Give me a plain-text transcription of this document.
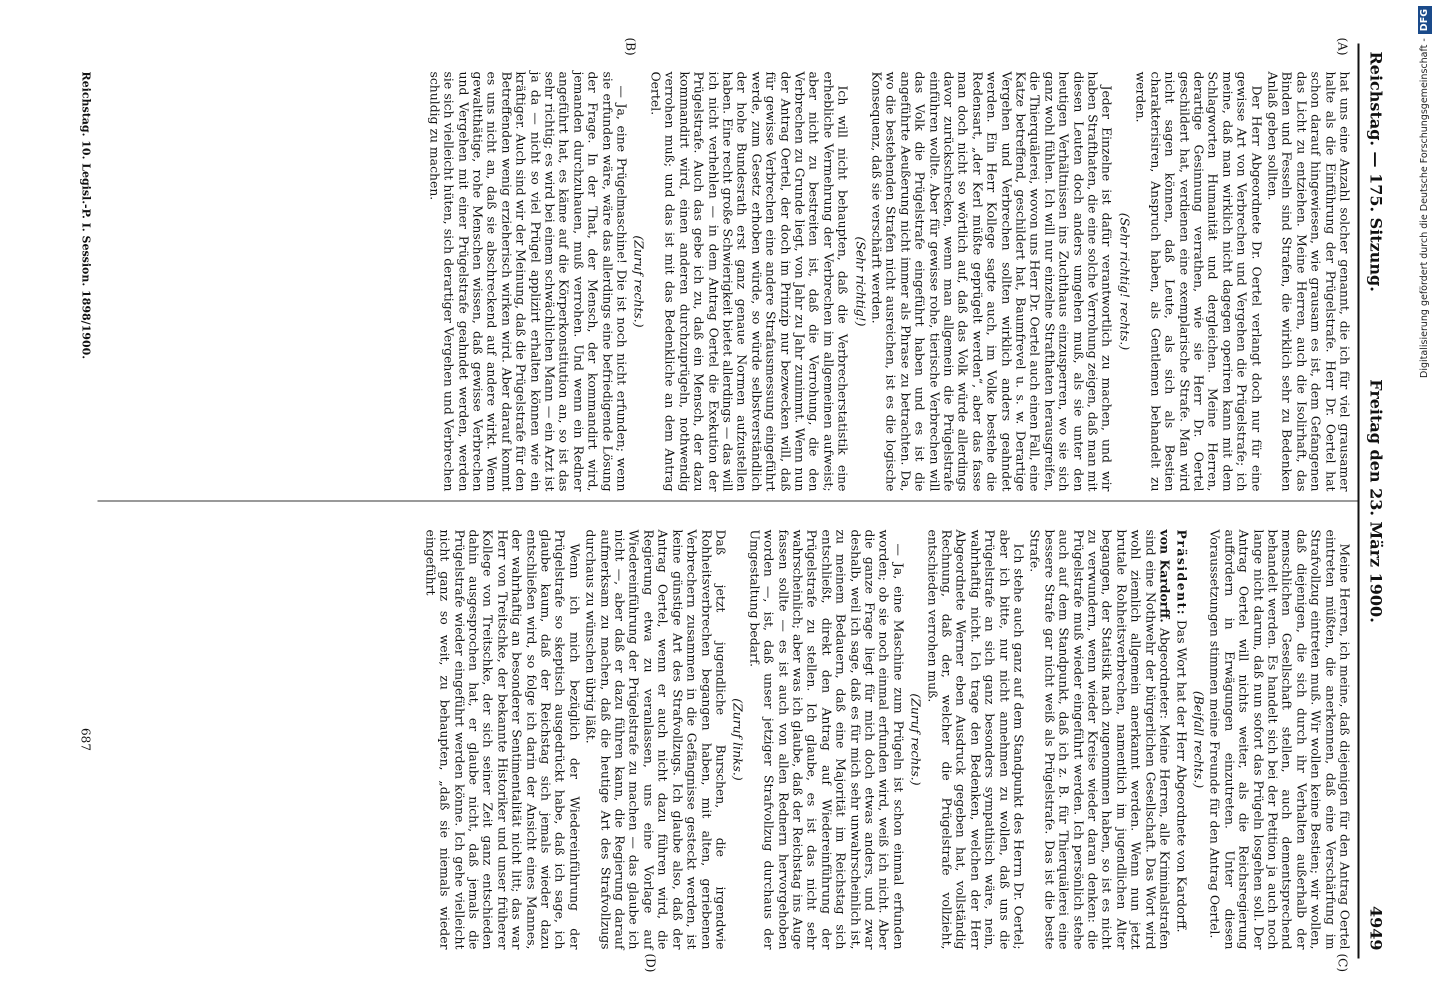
Reichstag. — 175. Sitzung.
Freitag den 23. März 1900.
4949
(A)
(B)
(C)
(D)

hat uns eine Anzahl solcher genannt, die ich für viel grausamer halte als die Einführung der Prügelstrafe. Herr Dr. Oertel hat schon darauf hingewiesen, wie grausam es ist, dem Gefangenen das Licht zu entziehen. Meine Herren, auch die Isolirhaft, das Binden und Fesseln sind Strafen, die wirklich sehr zu Bedenken Anlaß geben sollten.

Der Herr Abgeordnete Dr. Oertel verlangt doch nur für eine gewisse Art von Verbrechen und Vergehen die Prügelstrafe; ich meine, daß man wirklich nicht dagegen operiren kann mit dem Schlagworten Humanität und dergleichen. Meine Herren, derartige Gesinnung verrathen, wie sie Herr Dr. Oertel geschildert hat, verdienen eine exemplarische Strafe. Man wird nicht sagen können, daß Leute, als sich als Bestien charakterisiren, Anspruch haben, als Gentlemen behandelt zu werden.

(Sehr richtig! rechts.)

Jeder Einzelne ist dafür verantwortlich zu machen, und wir haben Strafthaten, die eine solche Verrohung zeigen, daß man mit diesen Leuten doch anders umgehen muß, als sie unter den heutigen Verhältnissen ins Zuchthaus einzusperren, wo sie sich ganz wohl fühlen. Ich will nur einzelne Strafthaten herausgreifen, die Thierquälerei, wovon uns Herr Dr. Oertel auch einen Fall, eine Katze betreffend, geschildert hat, Baumfrevel u. s. w. Derartige Vergehen und Verbrechen sollten wirklich anders geahndet werden. Ein Herr Kollege sagte auch, im Volke bestehe die Redensart, „der Kerl müßte geprügelt werden“, aber das fasse man doch nicht so wörtlich auf, daß das Volk würde allerdings davor zurückschrecken, wenn man allgemein die Prügelstrafe einführen wollte. Aber für gewisse rohe, tierische Verbrechen will das Volk die Prügelstrafe eingeführt haben und es ist die angeführte Aeußerung nicht immer als Phrase zu betrachten. Da, wo die bestehenden Strafen nicht ausreichen, ist es die logische Konsequenz, daß sie verschärft werden.

(Sehr richtig!)

Ich will nicht behaupten, daß die Verbrecherstatistik eine erhebliche Vermehrung der Verbrechen im allgemeinen aufweist; aber nicht zu bestreiten ist, daß die Verrohung, die den Verbrechen zu Grunde liegt, von Jahr zu Jahr zunimmt. Wenn nun der Antrag Oertel, der doch im Prinzip nur bezwecken will, daß für gewisse Verbrechen eine andere Strafausmessung eingeführt werde, zum Gesetz erhoben würde, so würde selbstverständlich der hohe Bundesrath erst ganz genaue Normen aufzustellen haben. Eine recht große Schwierigkeit bietet allerdings — das will ich nicht verhehlen — in dem Antrag Oertel die Exekution der Prügelstrafe. Auch das gebe ich zu, daß ein Mensch, der dazu kommandirt wird, einen anderen durchzuprügeln, nothwendig verrohen muß; und das ist mit das Bedenkliche an dem Antrag Oertel.

(Zuruf rechts.)

— Ja, eine Prügelmaschine! Die ist noch nicht erfunden; wenn sie erfunden wäre, wäre das allerdings eine befriedigende Lösung der Frage. In der That, der Mensch, der kommandirt wird, jemanden durchzuhauen, muß verrohen. Und wenn ein Redner angeführt hat, es käme auf die Körperkonstitution an, so ist das sehr richtig; es wird bei einem schwächlichen Mann — ein Arzt ist ja da — nicht so viel Prügel applizirt erhalten können wie ein kräftiger. Auch sind wir der Meinung, daß die Prügelstrafe für den Betreffenden wenig erzieherisch wirken wird. Aber darauf kommt es uns nicht an, daß sie abschreckend auf andere wirkt. Wenn gewaltthätige, rohe Menschen wissen, daß gewisse Verbrechen und Vergehen mit einer Prügelstrafe geahndet werden, werden sie sich vielleicht hüten, sich derartiger Vergehen und Verbrechen schuldig zu machen.

Meine Herren, ich meine, daß diejenigen für den Antrag Oertel eintreten müßten, die anerkennen, daß eine Verschärfung im Strafvollzug eintreten muß. Wir wollen keine Bestien; wir wollen, daß diejenigen, die sich durch ihr Verhalten außerhalb der menschlichen Gesellschaft stellen, auch dementsprechend behandelt werden. Es handelt sich bei der Petition ja auch noch lange nicht darum, daß nun sofort das Prügeln losgehen soll. Der Antrag Oertel will nichts weiter, als die Reichsregierung auffordern in Erwägungen einzutreten. Unter diesen Voraussetzungen stimmen meine Freunde für den Antrag Oertel.

(Beifall rechts.)

Präsident: Das Wort hat der Herr Abgeordnete von Kardorff.

von Kardorff. Abgeordneter: Meine Herren, alle Kriminalstrafen sind eine Nothwehr der bürgerlichen Gesellschaft. Das Wort wird wohl ziemlich allgemein anerkannt werden. Wenn nun jetzt brutale Rohheitsverbrechen, namentlich im jugendlichen Alter begangen, der Statistik nach zugenommen haben, so ist es nicht zu verwundern, wenn wieder Kreise wieder daran denken: die Prügelstrafe muß wieder eingeführt werden. Ich persönlich stehe auch auf dem Standpunkt, daß ich z. B. für Thierquälerei eine bessere Strafe gar nicht weiß als Prügelstrafe. Das ist die beste Strafe.

Ich stehe auch ganz auf dem Standpunkt des Herrn Dr. Oertel; aber ich bitte, nur nicht annehmen zu wollen, daß uns die Prügelstrafe an sich ganz besonders sympathisch wäre, nein, wahrhaftig nicht. Ich trage den Bedenken, welchen der Herr Abgeordnete Werner eben Ausdruck gegeben hat, vollständig Rechnung, daß der, welcher die Prügelstrafe vollzieht, entschieden verrohen muß.

(Zuruf rechts.)

— Ja, eine Maschine zum Prügeln ist schon einmal erfunden worden; ob sie noch einmal erfunden wird, weiß ich nicht. Aber die ganze Frage liegt für mich doch etwas anders, und zwar deshalb, weil ich sage, daß es für mich sehr unwahrscheinlich ist, zu meinem Bedauern, daß eine Majorität im Reichstag sich entschließt, direkt den Antrag auf Wiedereinführung der Prügelstrafe zu stellen. Ich glaube, es ist das nicht sehr wahrscheinlich; aber was ich glaube, daß der Reichstag ins Auge fassen sollte — es ist auch von allen Rednern hervorgehoben worden —, ist, daß unser jetziger Strafvollzug durchaus der Umgestaltung bedarf.

(Zuruf links.)

Daß jetzt jugendliche Burschen, die irgendwie Rohheitsverbrechen begangen haben, mit alten, geriebenen Verbrechern zusammen in die Gefängnisse gesteckt werden, ist keine günstige Art des Strafvollzugs. Ich glaube also, daß der Antrag Oertel, wenn er auch nicht dazu führen wird, die Regierung etwa zu veranlassen, uns eine Vorlage auf Wiedereinführung der Prügelstrafe zu machen — das glaube ich nicht —, aber daß er dazu führen kann, die Regierung darauf aufmerksam zu machen, daß die heutige Art des Strafvollzugs durchaus zu wünschen übrig läßt.

Wenn ich mich bezüglich der Wiedereinführung der Prügelstrafe so skeptisch ausgedrückt habe, daß ich sage, ich glaube kaum, daß der Reichstag sich jemals wieder dazu entschließen wird, so folge ich darin der Ansicht eines Mannes, der wahrhaftig an besonderer Sentimentalität nicht litt; das war Herr von Treitschke, der bekannte Historiker und unser früherer Kollege von Treitschke, der sich seiner Zeit ganz entschieden dahin ausgesprochen hat, er glaube nicht, daß jemals die Prügelstrafe wieder eingeführt werden könne. Ich gehe vielleicht nicht ganz so weit, zu behaupten, „daß sie niemals wieder eingeführt

Reichstag. 10. Legisl.-P. I. Session. 1898/1900.
687
Digitalisierung gefördert durch die Deutsche Forschungsgemeinschaft -DFG
